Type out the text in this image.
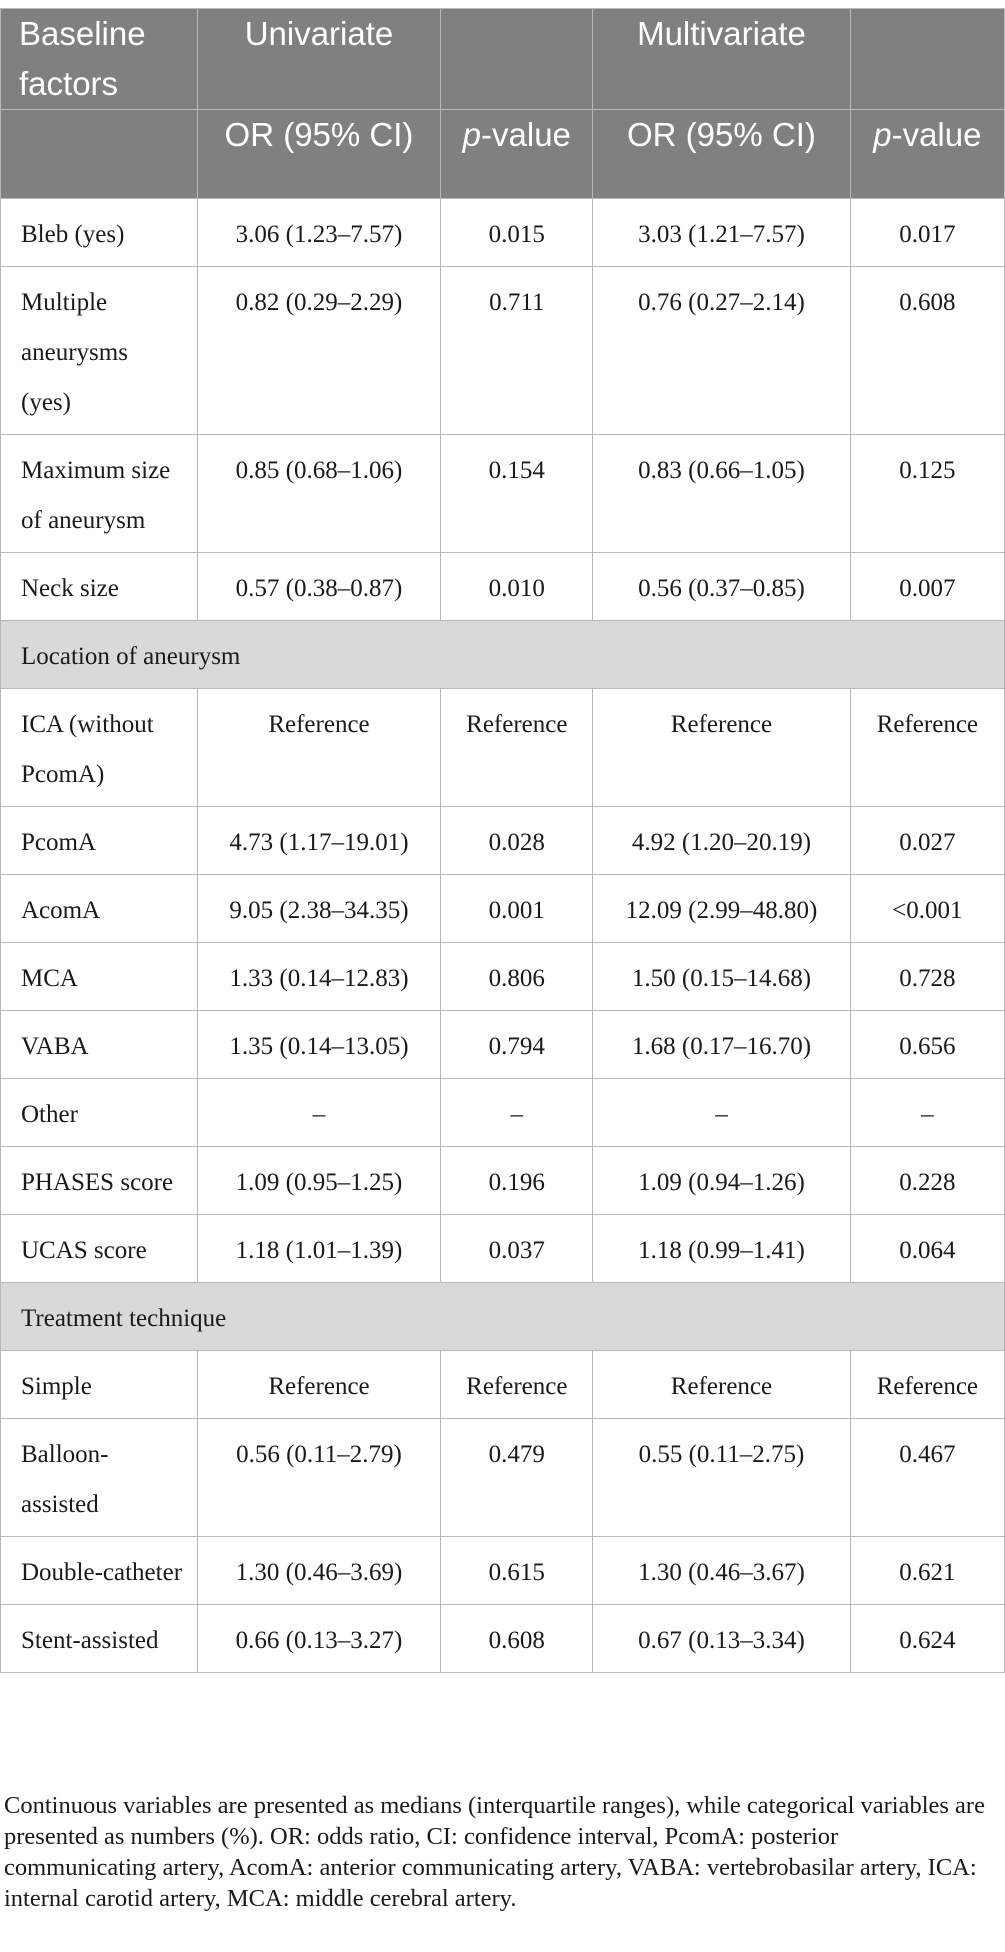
Baseline factors	Univariate		Multivariate	
	OR (95% CI)	p-value	OR (95% CI)	p-value
Bleb (yes)	3.06 (1.23–7.57)	0.015	3.03 (1.21–7.57)	0.017
Multiple aneurysms (yes)	0.82 (0.29–2.29)	0.711	0.76 (0.27–2.14)	0.608
Maximum size of aneurysm	0.85 (0.68–1.06)	0.154	0.83 (0.66–1.05)	0.125
Neck size	0.57 (0.38–0.87)	0.010	0.56 (0.37–0.85)	0.007
Location of aneurysm				
ICA (without PcomA)	Reference	Reference	Reference	Reference
PcomA	4.73 (1.17–19.01)	0.028	4.92 (1.20–20.19)	0.027
AcomA	9.05 (2.38–34.35)	0.001	12.09 (2.99–48.80)	<0.001
MCA	1.33 (0.14–12.83)	0.806	1.50 (0.15–14.68)	0.728
VABA	1.35 (0.14–13.05)	0.794	1.68 (0.17–16.70)	0.656
Other	–	–	–	–
PHASES score	1.09 (0.95–1.25)	0.196	1.09 (0.94–1.26)	0.228
UCAS score	1.18 (1.01–1.39)	0.037	1.18 (0.99–1.41)	0.064
Treatment technique				
Simple	Reference	Reference	Reference	Reference
Balloon-assisted	0.56 (0.11–2.79)	0.479	0.55 (0.11–2.75)	0.467
Double-catheter	1.30 (0.46–3.69)	0.615	1.30 (0.46–3.67)	0.621
Stent-assisted	0.66 (0.13–3.27)	0.608	0.67 (0.13–3.34)	0.624
Continuous variables are presented as medians (interquartile ranges), while categorical variables are presented as numbers (%). OR: odds ratio, CI: confidence interval, PcomA: posterior communicating artery, AcomA: anterior communicating artery, VABA: vertebrobasilar artery, ICA: internal carotid artery, MCA: middle cerebral artery.
